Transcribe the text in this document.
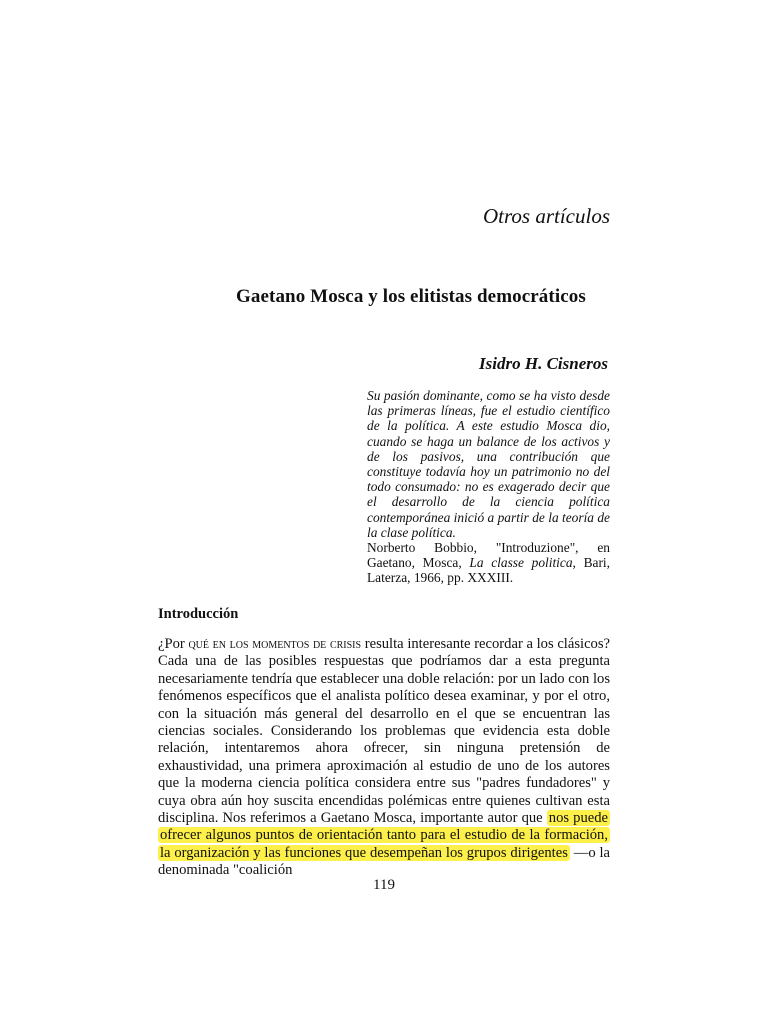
Otros artículos
Gaetano Mosca y los elitistas democráticos
Isidro H. Cisneros
Su pasión dominante, como se ha visto desde las primeras líneas, fue el estudio científico de la política. A este estudio Mosca dio, cuando se haga un balance de los activos y de los pasivos, una contribución que constituye todavía hoy un patrimonio no del todo consumado: no es exagerado decir que el desarrollo de la ciencia política contemporánea inició a partir de la teoría de la clase política.
Norberto Bobbio, "Introduzione", en Gaetano, Mosca, La classe politica, Bari, Laterza, 1966, pp. XXXIII.
Introducción
¿Por qué en los momentos de crisis resulta interesante recordar a los clásicos? Cada una de las posibles respuestas que podríamos dar a esta pregunta necesariamente tendría que establecer una doble relación: por un lado con los fenómenos específicos que el analista político desea examinar, y por el otro, con la situación más general del desarrollo en el que se encuentran las ciencias sociales. Considerando los problemas que evidencia esta doble relación, intentaremos ahora ofrecer, sin ninguna pretensión de exhaustividad, una primera aproximación al estudio de uno de los autores que la moderna ciencia política considera entre sus "padres fundadores" y cuya obra aún hoy suscita encendidas polémicas entre quienes cultivan esta disciplina. Nos referimos a Gaetano Mosca, importante autor que nos puede ofrecer algunos puntos de orientación tanto para el estudio de la formación, la organización y las funciones que desempeñan los grupos dirigentes —o la denominada "coalición
119
